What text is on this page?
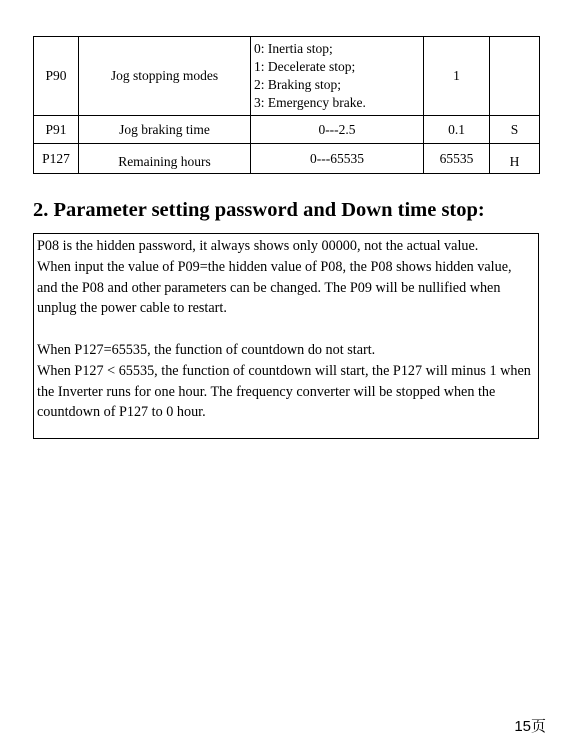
P90	Jog stopping modes	0: Inertia stop;
1: Decelerate stop;
2: Braking stop;
3: Emergency brake.	1	
P91	Jog braking time	0---2.5	0.1	S
P127	Remaining hours	0---65535	65535	H
2. Parameter setting password and Down time stop:

P08 is the hidden password, it always shows only 00000, not the actual value.

When input the value of P09=the hidden value of P08, the P08 shows hidden value, and the P08 and other parameters can be changed. The P09 will be nullified when unplug the power cable to restart.

When P127=65535, the function of countdown do not start.

When P127 < 65535, the function of countdown will start, the P127 will minus 1 when the Inverter runs for one hour. The frequency converter will be stopped when the countdown of P127 to 0 hour.

15页
